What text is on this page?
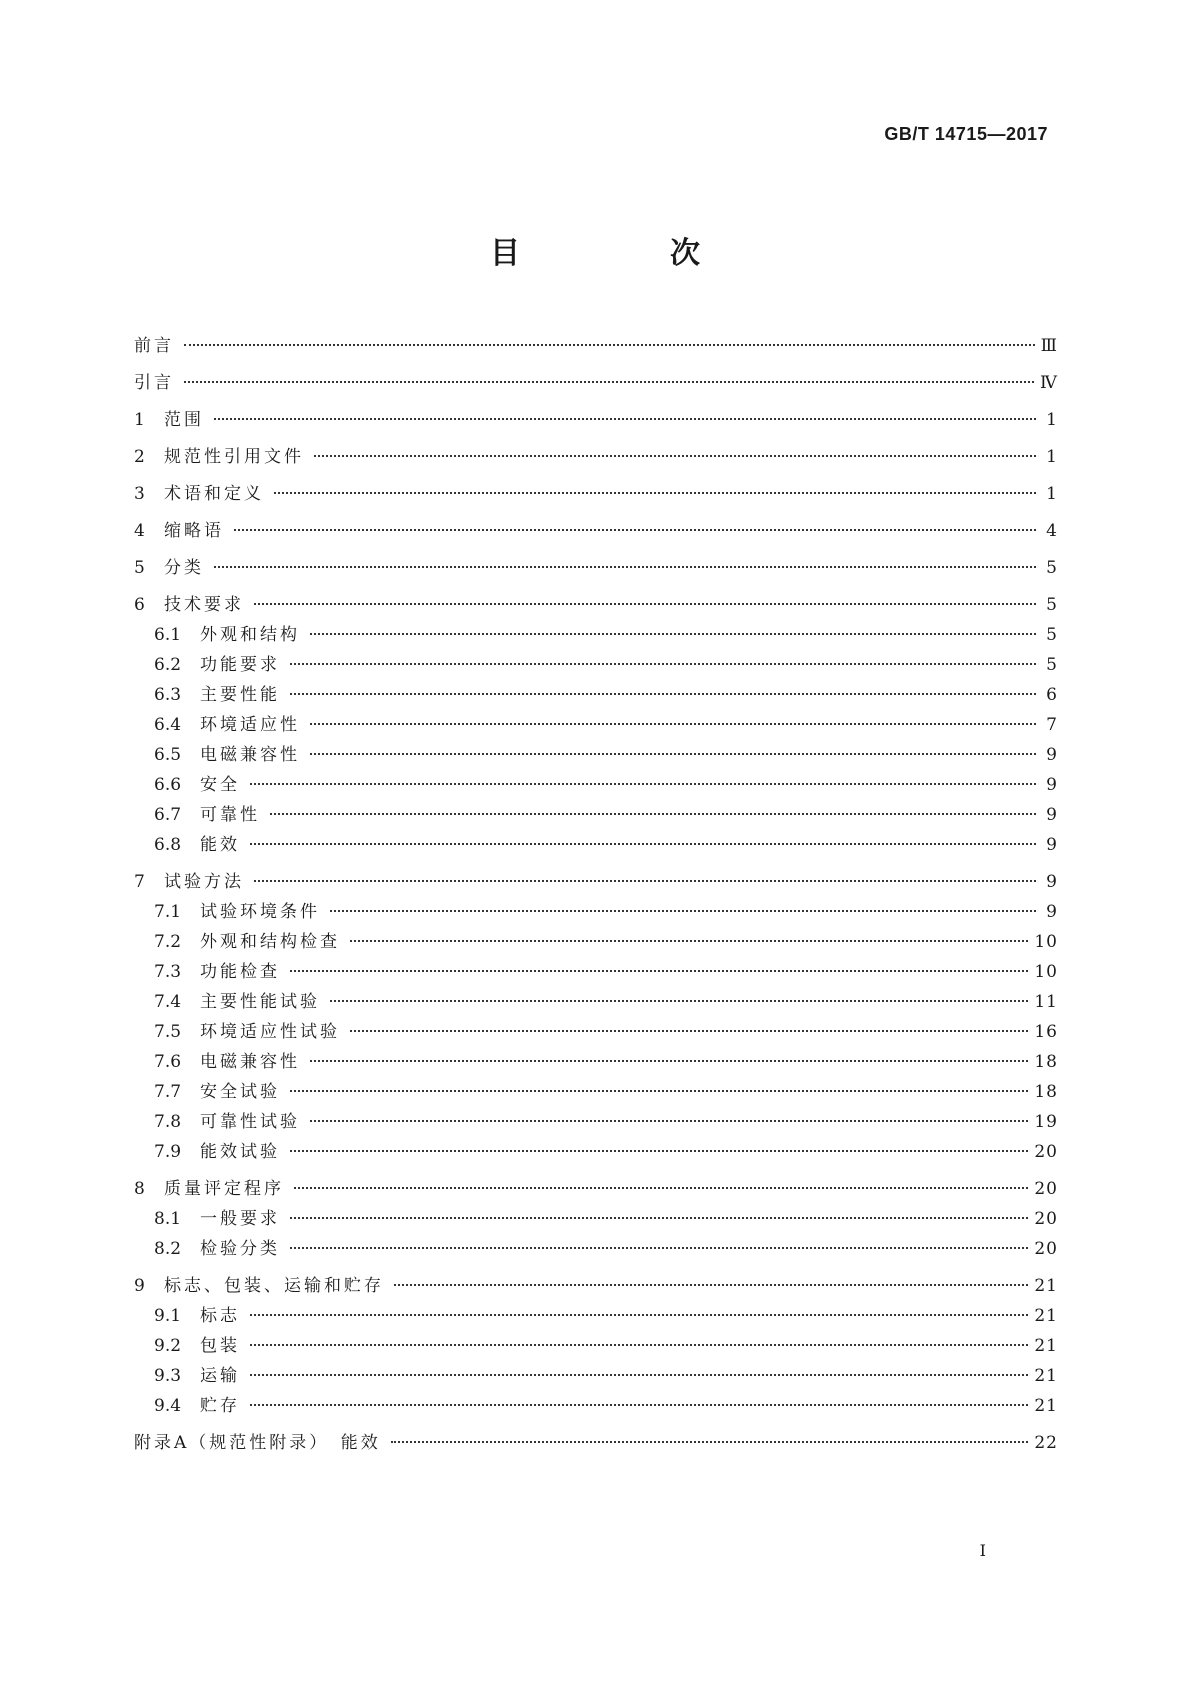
GB/T 14715—2017
目　次
前言	Ⅲ
引言	Ⅳ
1	范围	1
2	规范性引用文件	1
3	术语和定义	1
4	缩略语	4
5	分类	5
6	技术要求	5
6.1	外观和结构	5
6.2	功能要求	5
6.3	主要性能	6
6.4	环境适应性	7
6.5	电磁兼容性	9
6.6	安全	9
6.7	可靠性	9
6.8	能效	9
7	试验方法	9
7.1	试验环境条件	9
7.2	外观和结构检查	10
7.3	功能检查	10
7.4	主要性能试验	11
7.5	环境适应性试验	16
7.6	电磁兼容性	18
7.7	安全试验	18
7.8	可靠性试验	19
7.9	能效试验	20
8	质量评定程序	20
8.1	一般要求	20
8.2	检验分类	20
9	标志、包装、运输和贮存	21
9.1	标志	21
9.2	包装	21
9.3	运输	21
9.4	贮存	21
附录A（规范性附录）　能效	22
Ⅰ
